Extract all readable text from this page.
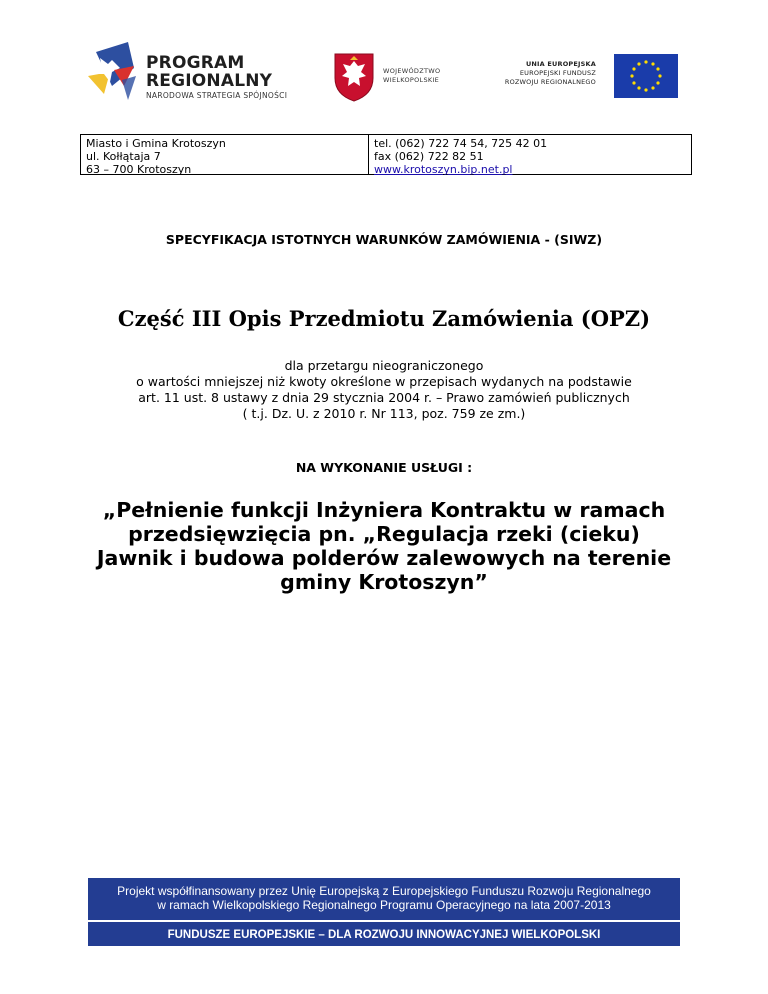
PROGRAM
REGIONALNY
NARODOWA STRATEGIA SPÓJNOŚCI
WOJEWÓDZTWO
WIELKOPOLSKIE
UNIA EUROPEJSKA
EUROPEJSKI FUNDUSZ
ROZWOJU REGIONALNEGO
Miasto i Gmina Krotoszyn
ul. Kołłątaja 7
63 – 700 Krotoszyn
tel. (062) 722 74 54, 725 42 01
fax (062) 722 82 51
www.krotoszyn.bip.net.pl
SPECYFIKACJA ISTOTNYCH WARUNKÓW ZAMÓWIENIA - (SIWZ)
Część III Opis Przedmiotu Zamówienia (OPZ)
dla przetargu nieograniczonego
o wartości mniejszej niż kwoty określone w przepisach wydanych na podstawie
art. 11 ust. 8 ustawy z dnia 29 stycznia 2004 r. – Prawo zamówień publicznych
( t.j. Dz. U. z 2010 r. Nr 113, poz. 759 ze zm.)
NA WYKONANIE USŁUGI :
„Pełnienie funkcji Inżyniera Kontraktu w ramach
przedsięwzięcia pn. „Regulacja rzeki (cieku)
Jawnik i budowa polderów zalewowych na terenie
gminy Krotoszyn”
Projekt współfinansowany przez Unię Europejską z Europejskiego Funduszu Rozwoju Regionalnego
w ramach Wielkopolskiego Regionalnego Programu Operacyjnego na lata 2007-2013
FUNDUSZE EUROPEJSKIE – DLA ROZWOJU INNOWACYJNEJ WIELKOPOLSKI
